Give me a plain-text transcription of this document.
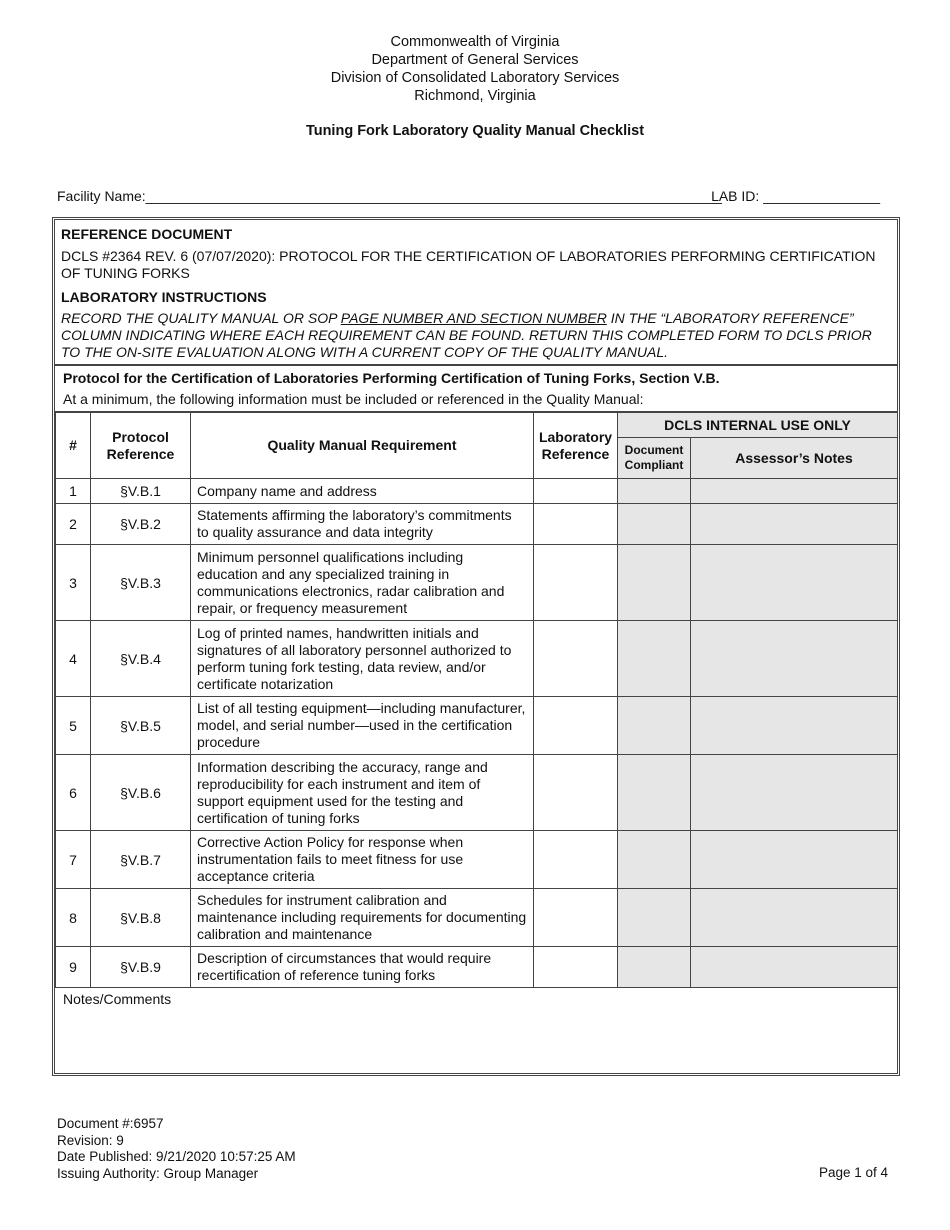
Commonwealth of Virginia
Department of General Services
Division of Consolidated Laboratory Services
Richmond, Virginia
Tuning Fork Laboratory Quality Manual Checklist
Facility Name:__________________________________________________________________________
LAB ID: _______________
REFERENCE DOCUMENT
DCLS #2364 REV. 6 (07/07/2020): PROTOCOL FOR THE CERTIFICATION OF LABORATORIES PERFORMING CERTIFICATION OF TUNING FORKS
LABORATORY INSTRUCTIONS
RECORD THE QUALITY MANUAL OR SOP PAGE NUMBER AND SECTION NUMBER IN THE “LABORATORY REFERENCE” COLUMN INDICATING WHERE EACH REQUIREMENT CAN BE FOUND. RETURN THIS COMPLETED FORM TO DCLS PRIOR TO THE ON-SITE EVALUATION ALONG WITH A CURRENT COPY OF THE QUALITY MANUAL.
Protocol for the Certification of Laboratories Performing Certification of Tuning Forks, Section V.B.
At a minimum, the following information must be included or referenced in the Quality Manual:
#	Protocol Reference	Quality Manual Requirement	Laboratory Reference	DCLS INTERNAL USE ONLY	
				Document Compliant	Assessor’s Notes
1	§V.B.1	Company name and address			
2	§V.B.2	Statements affirming the laboratory’s commitments to quality assurance and data integrity			
3	§V.B.3	Minimum personnel qualifications including education and any specialized training in communications electronics, radar calibration and repair, or frequency measurement			
4	§V.B.4	Log of printed names, handwritten initials and signatures of all laboratory personnel authorized to perform tuning fork testing, data review, and/or certificate notarization			
5	§V.B.5	List of all testing equipment—including manufacturer, model, and serial number—used in the certification procedure			
6	§V.B.6	Information describing the accuracy, range and reproducibility for each instrument and item of support equipment used for the testing and certification of tuning forks			
7	§V.B.7	Corrective Action Policy for response when instrumentation fails to meet fitness for use acceptance criteria			
8	§V.B.8	Schedules for instrument calibration and maintenance including requirements for documenting calibration and maintenance			
9	§V.B.9	Description of circumstances that would require recertification of reference tuning forks			
Notes/Comments
Document #:6957
Revision: 9
Date Published: 9/21/2020 10:57:25 AM
Issuing Authority: Group Manager	Page 1 of 4
